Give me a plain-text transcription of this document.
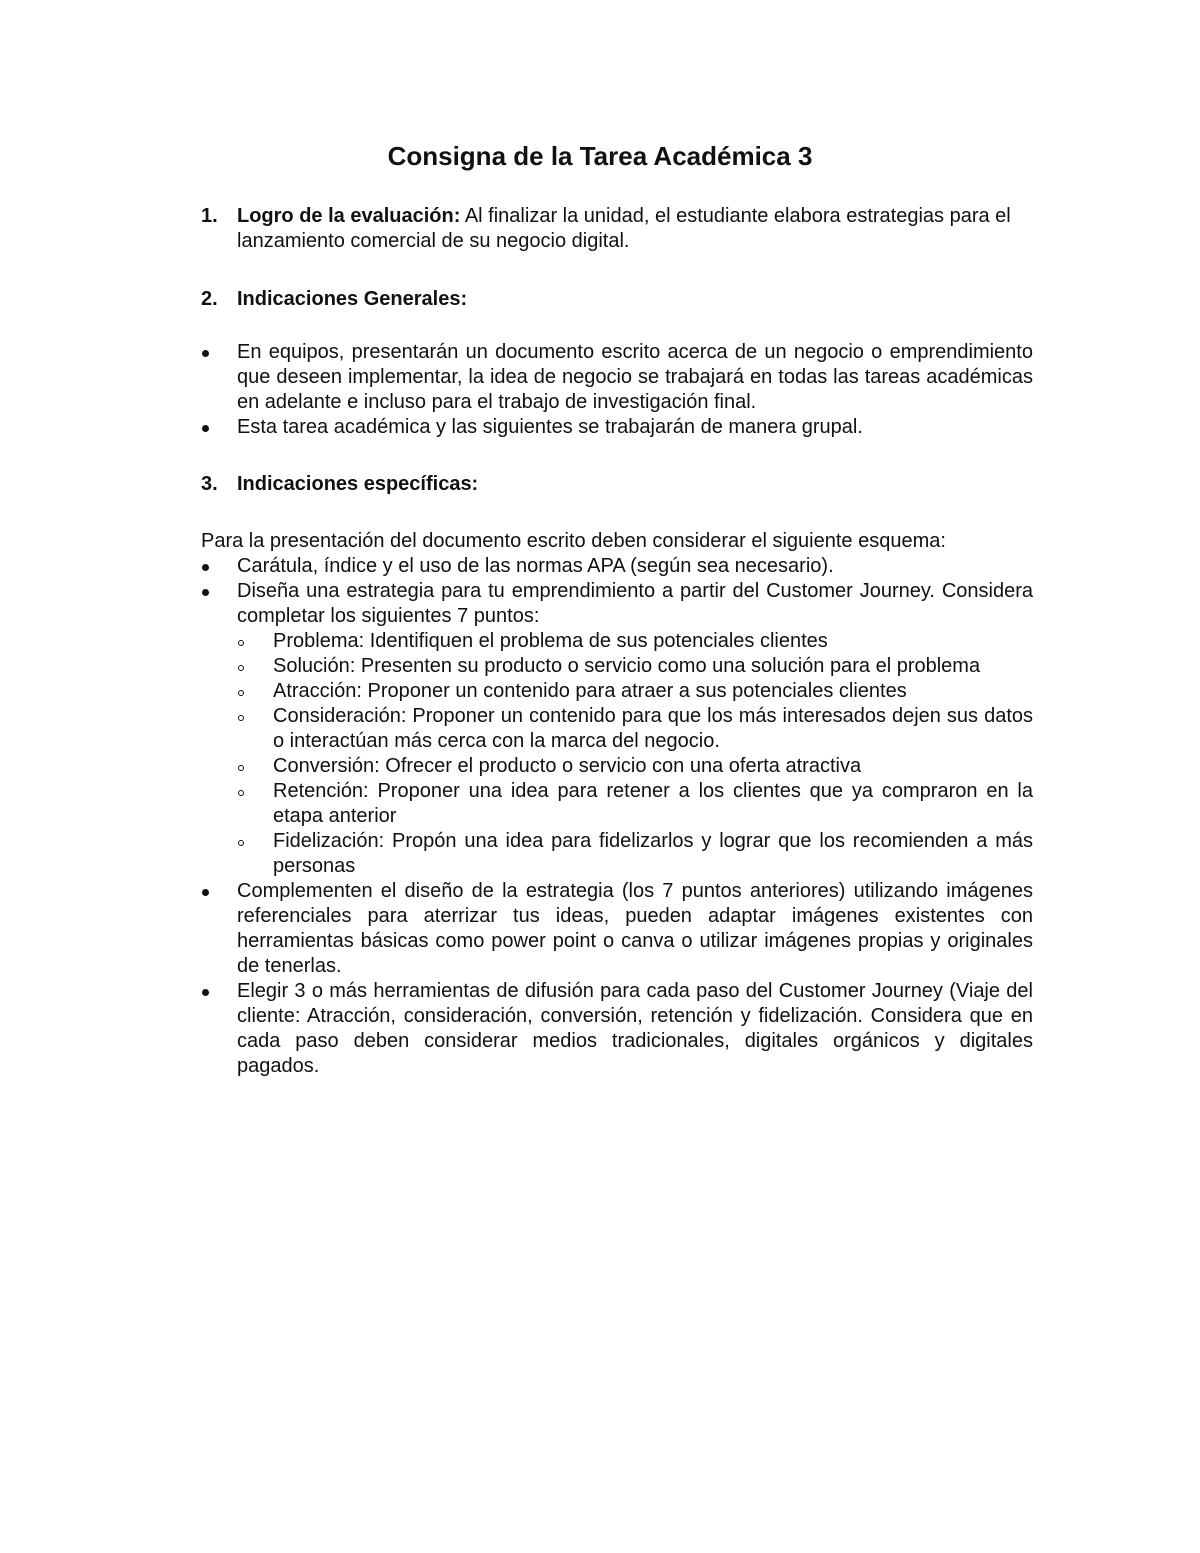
Consigna de la Tarea Académica 3
1. Logro de la evaluación: Al finalizar la unidad, el estudiante elabora estrategias para el lanzamiento comercial de su negocio digital.
2. Indicaciones Generales:
En equipos, presentarán un documento escrito acerca de un negocio o emprendimiento que deseen implementar, la idea de negocio se trabajará en todas las tareas académicas en adelante e incluso para el trabajo de investigación final.
Esta tarea académica y las siguientes se trabajarán de manera grupal.
3. Indicaciones específicas:

Para la presentación del documento escrito deben considerar el siguiente esquema:

Carátula, índice y el uso de las normas APA (según sea necesario).
Diseña una estrategia para tu emprendimiento a partir del Customer Journey. Considera completar los siguientes 7 puntos:
Problema: Identifiquen el problema de sus potenciales clientes
Solución: Presenten su producto o servicio como una solución para el problema
Atracción: Proponer un contenido para atraer a sus potenciales clientes
Consideración: Proponer un contenido para que los más interesados dejen sus datos o interactúan más cerca con la marca del negocio.
Conversión: Ofrecer el producto o servicio con una oferta atractiva
Retención: Proponer una idea para retener a los clientes que ya compraron en la etapa anterior
Fidelización: Propón una idea para fidelizarlos y lograr que los recomienden a más personas
Complementen el diseño de la estrategia (los 7 puntos anteriores) utilizando imágenes referenciales para aterrizar tus ideas, pueden adaptar imágenes existentes con herramientas básicas como power point o canva o utilizar imágenes propias y originales de tenerlas.
Elegir 3 o más herramientas de difusión para cada paso del Customer Journey (Viaje del cliente: Atracción, consideración, conversión, retención y fidelización. Considera que en cada paso deben considerar medios tradicionales, digitales orgánicos y digitales pagados.
